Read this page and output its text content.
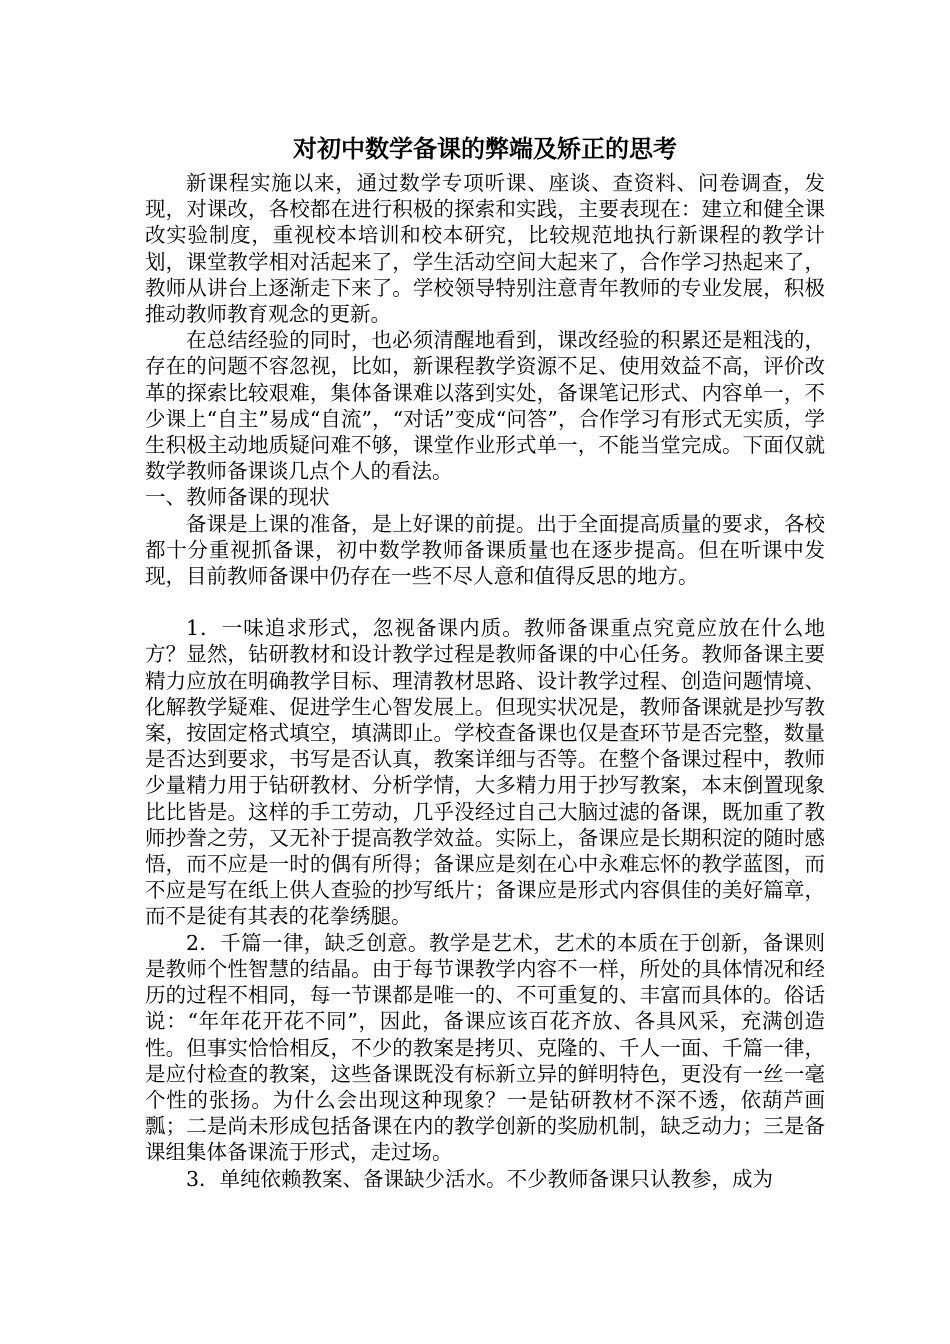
对初中数学备课的弊端及矫正的思考

新课程实施以来，通过数学专项听课、座谈、查资料、问卷调查，发现，对课改，各校都在进行积极的探索和实践，主要表现在：建立和健全课改实验制度，重视校本培训和校本研究，比较规范地执行新课程的教学计划，课堂教学相对活起来了，学生活动空间大起来了，合作学习热起来了，教师从讲台上逐渐走下来了。学校领导特别注意青年教师的专业发展，积极推动教师教育观念的更新。

在总结经验的同时，也必须清醒地看到，课改经验的积累还是粗浅的，存在的问题不容忽视，比如，新课程教学资源不足、使用效益不高，评价改革的探索比较艰难，集体备课难以落到实处，备课笔记形式、内容单一，不少课上“自主”易成“自流”，“对话”变成“问答”，合作学习有形式无实质，学生积极主动地质疑问难不够，课堂作业形式单一，不能当堂完成。下面仅就数学教师备课谈几点个人的看法。

一、教师备课的现状

备课是上课的准备，是上好课的前提。出于全面提高质量的要求，各校都十分重视抓备课，初中数学教师备课质量也在逐步提高。但在听课中发现，目前教师备课中仍存在一些不尽人意和值得反思的地方。

1．一味追求形式，忽视备课内质。教师备课重点究竟应放在什么地方？显然，钻研教材和设计教学过程是教师备课的中心任务。教师备课主要精力应放在明确教学目标、理清教材思路、设计教学过程、创造问题情境、化解教学疑难、促进学生心智发展上。但现实状况是，教师备课就是抄写教案，按固定格式填空，填满即止。学校查备课也仅是查环节是否完整，数量是否达到要求，书写是否认真，教案详细与否等。在整个备课过程中，教师少量精力用于钻研教材、分析学情，大多精力用于抄写教案，本末倒置现象比比皆是。这样的手工劳动，几乎没经过自己大脑过滤的备课，既加重了教师抄誊之劳，又无补于提高教学效益。实际上，备课应是长期积淀的随时感悟，而不应是一时的偶有所得；备课应是刻在心中永难忘怀的教学蓝图，而不应是写在纸上供人查验的抄写纸片；备课应是形式内容俱佳的美好篇章，而不是徒有其表的花拳绣腿。

2．千篇一律，缺乏创意。教学是艺术，艺术的本质在于创新，备课则是教师个性智慧的结晶。由于每节课教学内容不一样，所处的具体情况和经历的过程不相同，每一节课都是唯一的、不可重复的、丰富而具体的。俗话说：“年年花开花不同”，因此，备课应该百花齐放、各具风采，充满创造性。但事实恰恰相反，不少的教案是拷贝、克隆的、千人一面、千篇一律，是应付检查的教案，这些备课既没有标新立异的鲜明特色，更没有一丝一毫个性的张扬。为什么会出现这种现象？一是钻研教材不深不透，依葫芦画瓢；二是尚未形成包括备课在内的教学创新的奖励机制，缺乏动力；三是备课组集体备课流于形式，走过场。

3．单纯依赖教案、备课缺少活水。不少教师备课只认教参，成为
